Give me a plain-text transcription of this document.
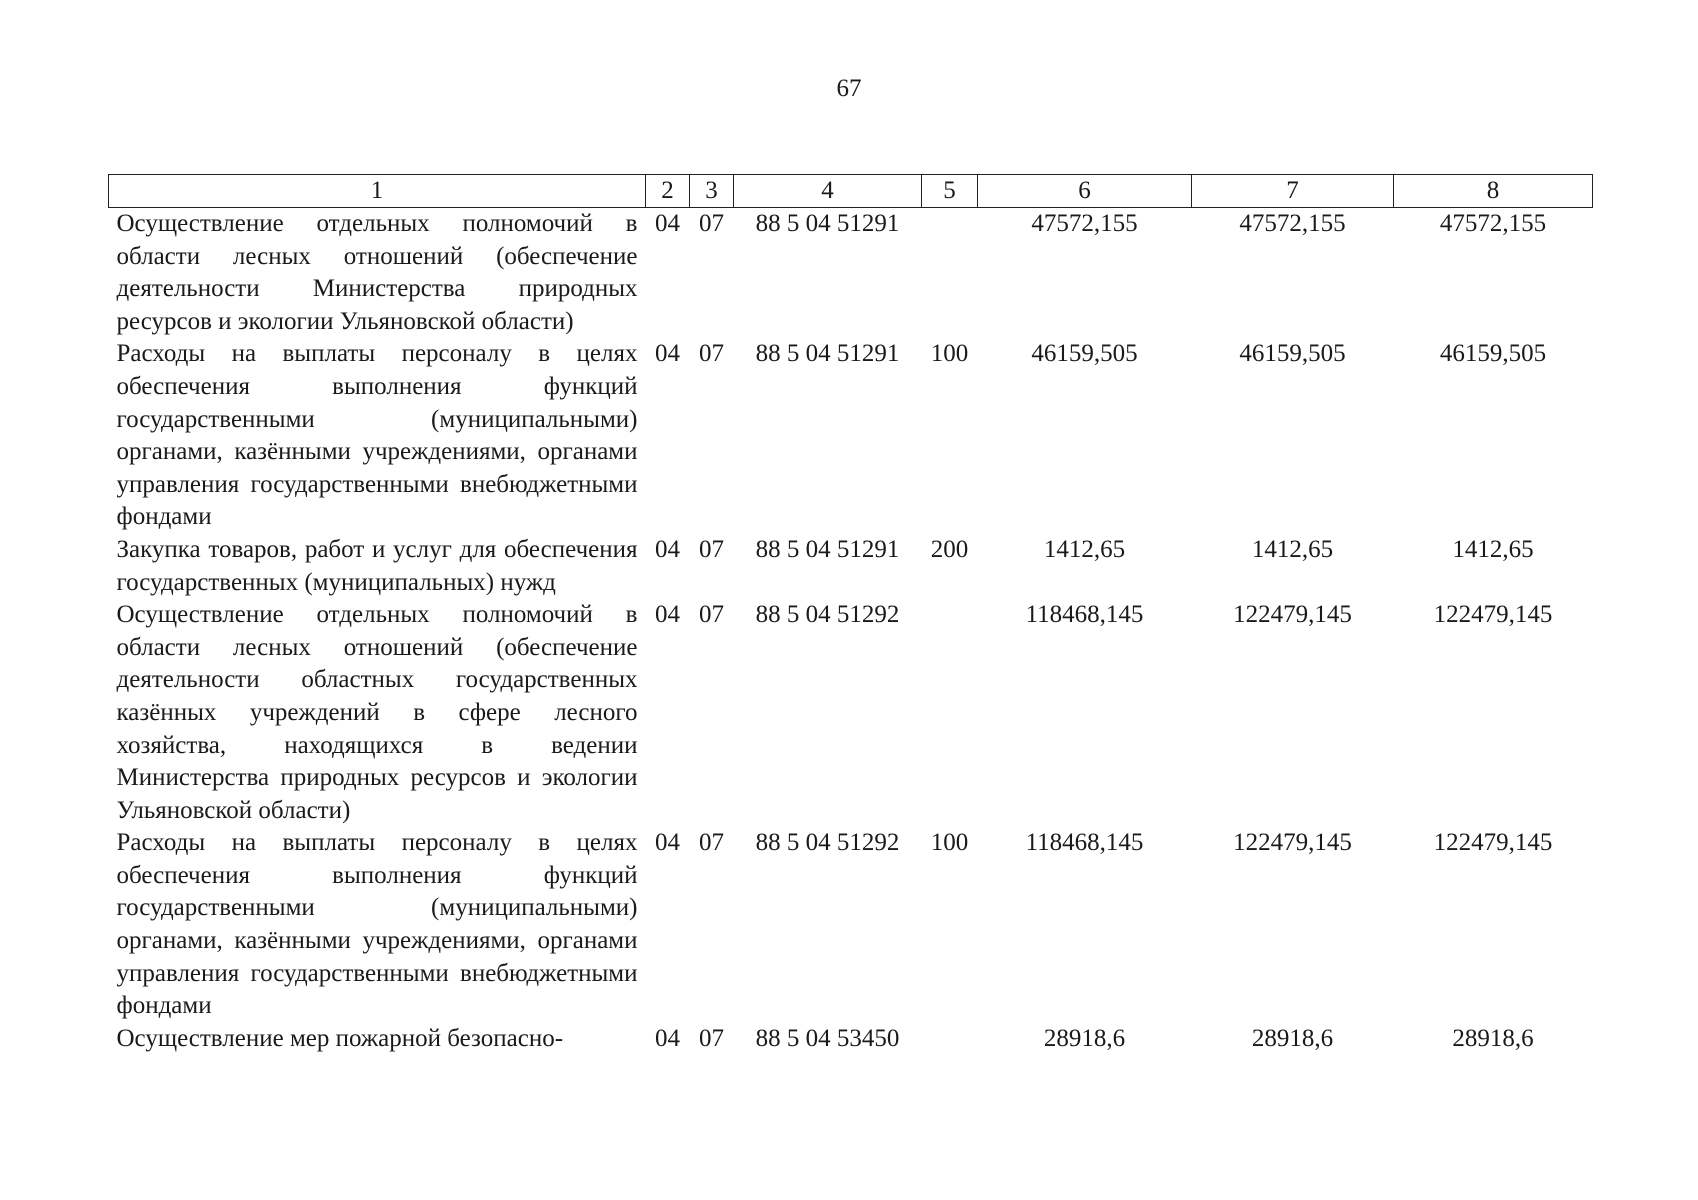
67
1	2	3	4	5	6	7	8
Осуществление отдельных полномочий в области лесных отношений (обеспечение деятельности Министерства природных ресурсов и экологии Ульяновской области)	04	07	88 5 04 51291		47572,155	47572,155	47572,155
Расходы на выплаты персоналу в целях обеспечения выполнения функций государственными (муниципальными) органами, казёнными учреждениями, органами управления государственными внебюджетными фондами	04	07	88 5 04 51291	100	46159,505	46159,505	46159,505
Закупка товаров, работ и услуг для обеспечения государственных (муниципальных) нужд	04	07	88 5 04 51291	200	1412,65	1412,65	1412,65
Осуществление отдельных полномочий в области лесных отношений (обеспечение деятельности областных государственных казённых учреждений в сфере лесного хозяйства, находящихся в ведении Министерства природных ресурсов и экологии Ульяновской области)	04	07	88 5 04 51292		118468,145	122479,145	122479,145
Расходы на выплаты персоналу в целях обеспечения выполнения функций государственными (муниципальными) органами, казёнными учреждениями, органами управления государственными внебюджетными фондами	04	07	88 5 04 51292	100	118468,145	122479,145	122479,145
Осуществление мер пожарной безопасно-	04	07	88 5 04 53450		28918,6	28918,6	28918,6
